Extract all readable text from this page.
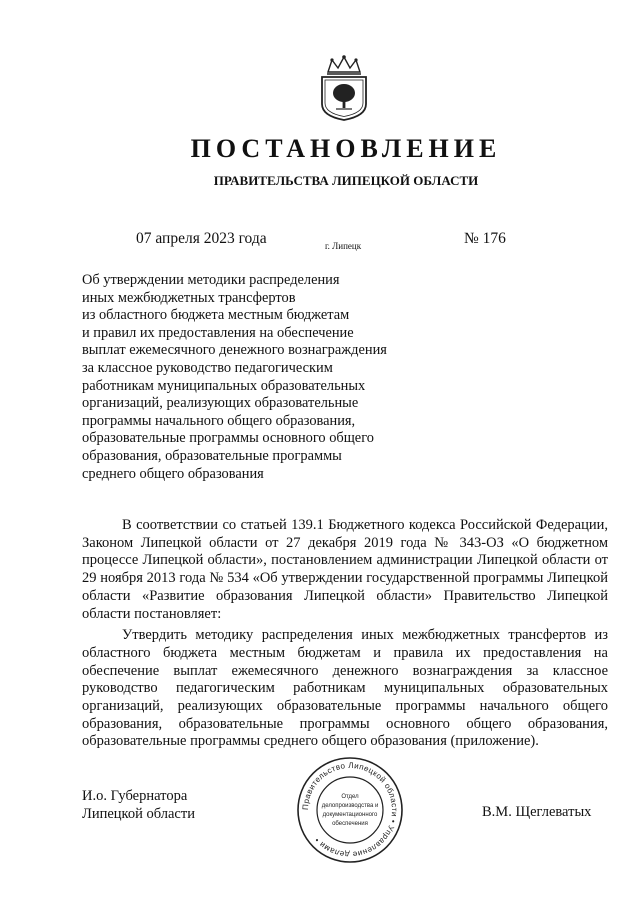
ПОСТАНОВЛЕНИЕ
ПРАВИТЕЛЬСТВА ЛИПЕЦКОЙ ОБЛАСТИ
07 апреля 2023 года	г. Липецк	№ 176
Об утверждении методики распределения
иных межбюджетных трансфертов
из областного бюджета местным бюджетам
и правил их предоставления на обеспечение
выплат ежемесячного денежного вознаграждения
за классное руководство педагогическим
работникам муниципальных образовательных
организаций, реализующих образовательные
программы начального общего образования,
образовательные программы основного общего
образования, образовательные программы
среднего общего образования

В соответствии со статьей 139.1 Бюджетного кодекса Российской Федерации, Законом Липецкой области от 27 декабря 2019 года № 343-ОЗ «О бюджетном процессе Липецкой области», постановлением администрации Липецкой области от 29 ноября 2013 года № 534 «Об утверждении государственной программы Липецкой области «Развитие образования Липецкой области» Правительство Липецкой области постановляет:

Утвердить методику распределения иных межбюджетных трансфертов из областного бюджета местным бюджетам и правила их предоставления на обеспечение выплат ежемесячного денежного вознаграждения за классное руководство педагогическим работникам муниципальных образовательных организаций, реализующих образовательные программы начального общего образования, образовательные программы основного общего образования, образовательные программы среднего общего образования (приложение).

И.о. Губернатора
Липецкой области	В.М. Щеглеватых
Правительство Липецкой области • Управление делами •
Отдел
делопроизводства и
документационного
обеспечения
